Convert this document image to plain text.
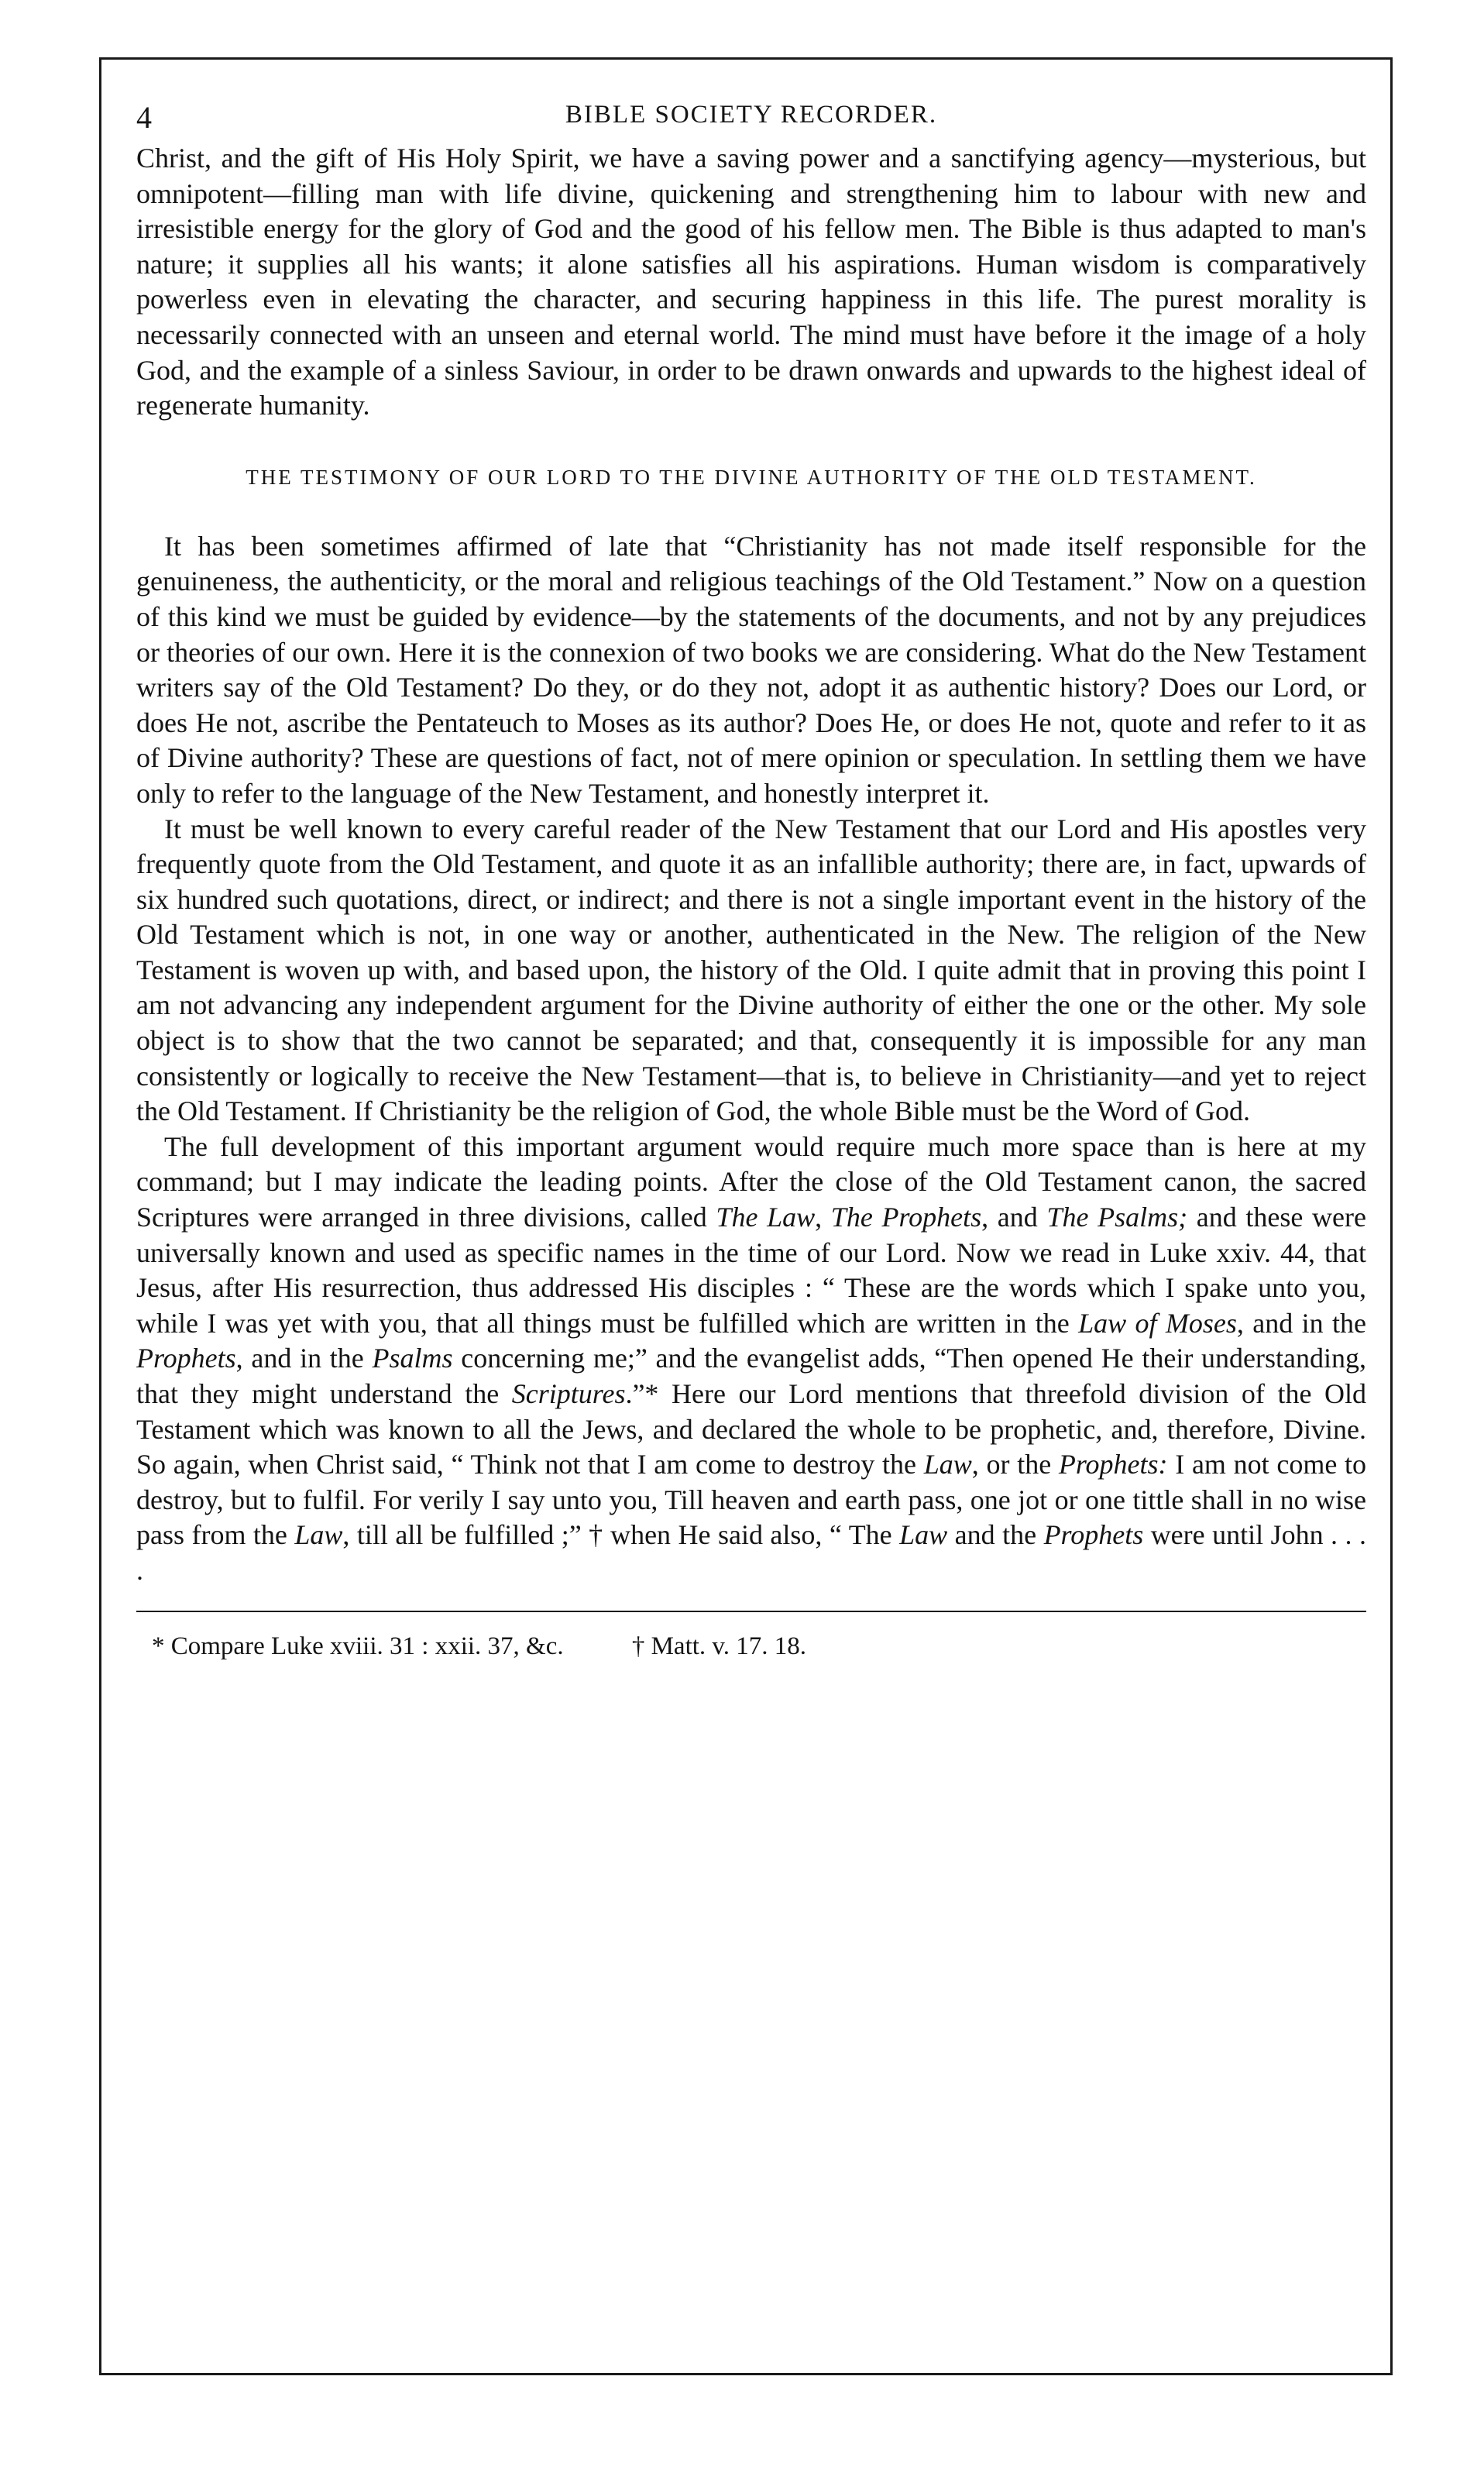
4	BIBLE SOCIETY RECORDER.

Christ, and the gift of His Holy Spirit, we have a saving power and a sanctifying agency—mysterious, but omnipotent—filling man with life divine, quickening and strengthening him to labour with new and irresistible energy for the glory of God and the good of his fellow men. The Bible is thus adapted to man's nature; it supplies all his wants; it alone satisfies all his aspirations. Human wisdom is comparatively powerless even in elevating the character, and securing happiness in this life. The purest morality is necessarily connected with an unseen and eternal world. The mind must have before it the image of a holy God, and the example of a sinless Saviour, in order to be drawn onwards and upwards to the highest ideal of regenerate humanity.

THE TESTIMONY OF OUR LORD TO THE DIVINE AUTHORITY OF THE OLD TESTAMENT.

It has been sometimes affirmed of late that “Christianity has not made itself responsible for the genuineness, the authenticity, or the moral and religious teachings of the Old Testament.” Now on a question of this kind we must be guided by evidence—by the statements of the documents, and not by any prejudices or theories of our own. Here it is the connexion of two books we are considering. What do the New Testament writers say of the Old Testament? Do they, or do they not, adopt it as authentic history? Does our Lord, or does He not, ascribe the Pentateuch to Moses as its author? Does He, or does He not, quote and refer to it as of Divine authority? These are questions of fact, not of mere opinion or speculation. In settling them we have only to refer to the language of the New Testament, and honestly interpret it.

It must be well known to every careful reader of the New Testament that our Lord and His apostles very frequently quote from the Old Testament, and quote it as an infallible authority; there are, in fact, upwards of six hundred such quotations, direct, or indirect; and there is not a single important event in the history of the Old Testament which is not, in one way or another, authenticated in the New. The religion of the New Testament is woven up with, and based upon, the history of the Old. I quite admit that in proving this point I am not advancing any independent argument for the Divine authority of either the one or the other. My sole object is to show that the two cannot be separated; and that, consequently it is impossible for any man consistently or logically to receive the New Testament—that is, to believe in Christianity—and yet to reject the Old Testament. If Christianity be the religion of God, the whole Bible must be the Word of God.

The full development of this important argument would require much more space than is here at my command; but I may indicate the leading points. After the close of the Old Testament canon, the sacred Scriptures were arranged in three divisions, called The Law, The Prophets, and The Psalms; and these were universally known and used as specific names in the time of our Lord. Now we read in Luke xxiv. 44, that Jesus, after His resurrection, thus addressed His disciples : “ These are the words which I spake unto you, while I was yet with you, that all things must be fulfilled which are written in the Law of Moses, and in the Prophets, and in the Psalms concerning me;” and the evangelist adds, “Then opened He their understanding, that they might understand the Scriptures.”* Here our Lord mentions that threefold division of the Old Testament which was known to all the Jews, and declared the whole to be prophetic, and, therefore, Divine. So again, when Christ said, “ Think not that I am come to destroy the Law, or the Prophets: I am not come to destroy, but to fulfil. For verily I say unto you, Till heaven and earth pass, one jot or one tittle shall in no wise pass from the Law, till all be fulfilled ;” † when He said also, “ The Law and the Prophets were until John . . . .

* Compare Luke xviii. 31 : xxii. 37, &c.	† Matt. v. 17. 18.
